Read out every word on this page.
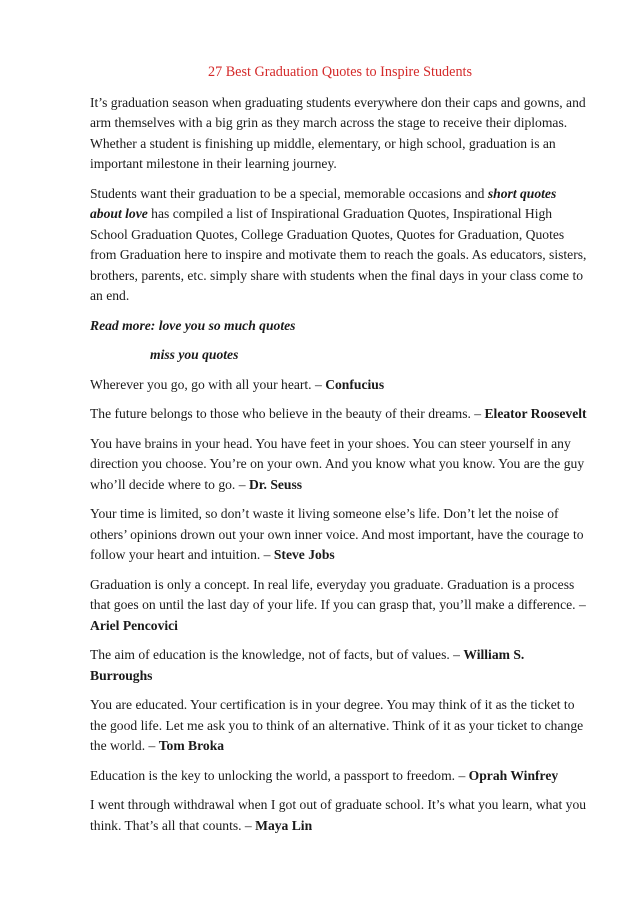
27 Best Graduation Quotes to Inspire Students

It’s graduation season when graduating students everywhere don their caps and gowns, and arm themselves with a big grin as they march across the stage to receive their diplomas. Whether a student is finishing up middle, elementary, or high school, graduation is an important milestone in their learning journey.

Students want their graduation to be a special, memorable occasions and short quotes about love has compiled a list of Inspirational Graduation Quotes, Inspirational High School Graduation Quotes, College Graduation Quotes, Quotes for Graduation, Quotes from Graduation here to inspire and motivate them to reach the goals. As educators, sisters, brothers, parents, etc. simply share with students when the final days in your class come to an end.

Read more: love you so much quotes

miss you quotes

Wherever you go, go with all your heart. – Confucius

The future belongs to those who believe in the beauty of their dreams. – Eleator Roosevelt

You have brains in your head. You have feet in your shoes. You can steer yourself in any direction you choose. You’re on your own. And you know what you know. You are the guy who’ll decide where to go. – Dr. Seuss

Your time is limited, so don’t waste it living someone else’s life. Don’t let the noise of others’ opinions drown out your own inner voice. And most important, have the courage to follow your heart and intuition. – Steve Jobs

Graduation is only a concept. In real life, everyday you graduate. Graduation is a process that goes on until the last day of your life. If you can grasp that, you’ll make a difference. – Ariel Pencovici

The aim of education is the knowledge, not of facts, but of values. – William S. Burroughs

You are educated. Your certification is in your degree. You may think of it as the ticket to the good life. Let me ask you to think of an alternative. Think of it as your ticket to change the world. – Tom Broka

Education is the key to unlocking the world, a passport to freedom. – Oprah Winfrey

I went through withdrawal when I got out of graduate school. It’s what you learn, what you think. That’s all that counts. – Maya Lin
